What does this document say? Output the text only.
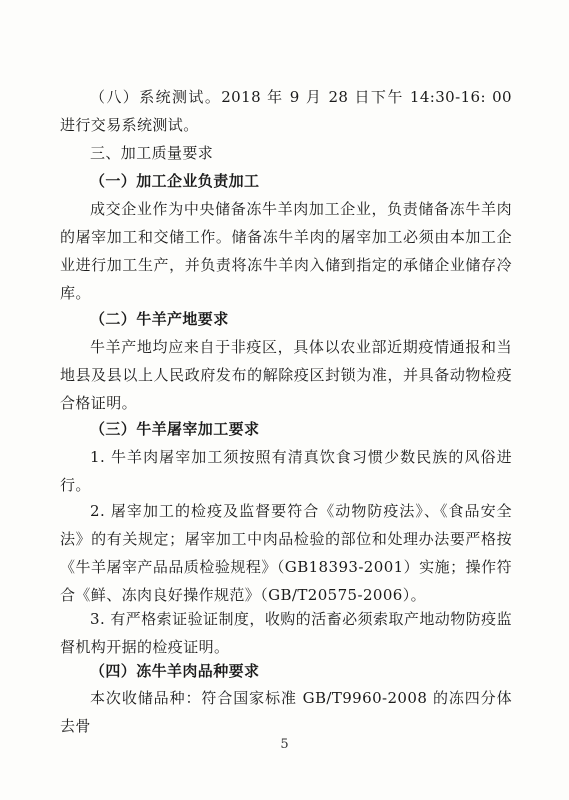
（八）系统测试。2018 年 9 月 28 日下午 14:30-16: 00 进行交易系统测试。

三、加工质量要求

（一）加工企业负责加工

成交企业作为中央储备冻牛羊肉加工企业，负责储备冻牛羊肉的屠宰加工和交储工作。储备冻牛羊肉的屠宰加工必须由本加工企业进行加工生产，并负责将冻牛羊肉入储到指定的承储企业储存冷库。

（二）牛羊产地要求

牛羊产地均应来自于非疫区，具体以农业部近期疫情通报和当地县及县以上人民政府发布的解除疫区封锁为准，并具备动物检疫合格证明。

（三）牛羊屠宰加工要求

1. 牛羊肉屠宰加工须按照有清真饮食习惯少数民族的风俗进行。

2. 屠宰加工的检疫及监督要符合《动物防疫法》、《食品安全法》的有关规定；屠宰加工中肉品检验的部位和处理办法要严格按《牛羊屠宰产品品质检验规程》（GB18393-2001）实施；操作符合《鲜、冻肉良好操作规范》（GB/T20575-2006）。

3. 有严格索证验证制度，收购的活畜必须索取产地动物防疫监督机构开据的检疫证明。

（四）冻牛羊肉品种要求

本次收储品种：符合国家标准 GB/T9960-2008 的冻四分体去骨

5
